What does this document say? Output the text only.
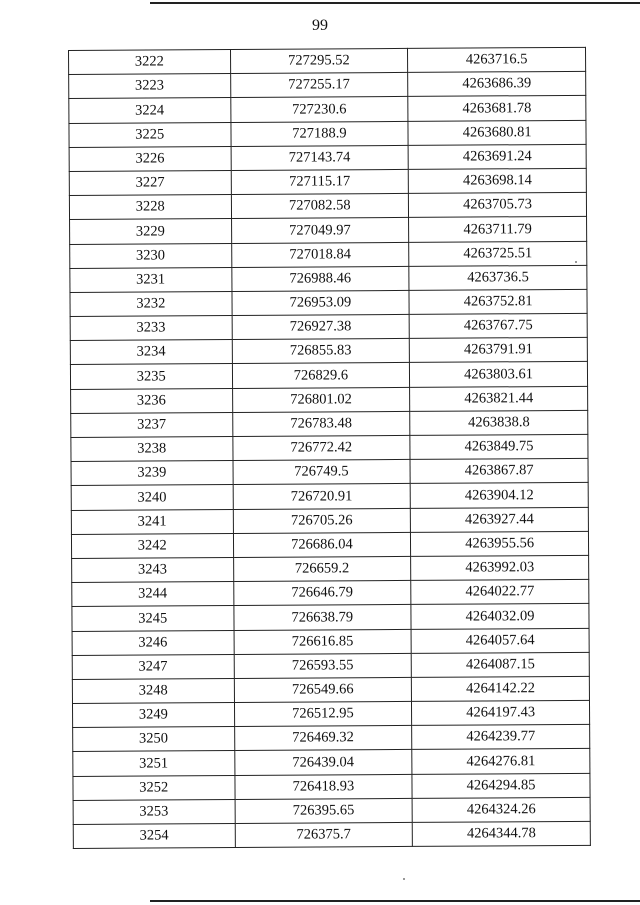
99
3222	727295.52	4263716.5
3223	727255.17	4263686.39
3224	727230.6	4263681.78
3225	727188.9	4263680.81
3226	727143.74	4263691.24
3227	727115.17	4263698.14
3228	727082.58	4263705.73
3229	727049.97	4263711.79
3230	727018.84	4263725.51
3231	726988.46	4263736.5
3232	726953.09	4263752.81
3233	726927.38	4263767.75
3234	726855.83	4263791.91
3235	726829.6	4263803.61
3236	726801.02	4263821.44
3237	726783.48	4263838.8
3238	726772.42	4263849.75
3239	726749.5	4263867.87
3240	726720.91	4263904.12
3241	726705.26	4263927.44
3242	726686.04	4263955.56
3243	726659.2	4263992.03
3244	726646.79	4264022.77
3245	726638.79	4264032.09
3246	726616.85	4264057.64
3247	726593.55	4264087.15
3248	726549.66	4264142.22
3249	726512.95	4264197.43
3250	726469.32	4264239.77
3251	726439.04	4264276.81
3252	726418.93	4264294.85
3253	726395.65	4264324.26
3254	726375.7	4264344.78
